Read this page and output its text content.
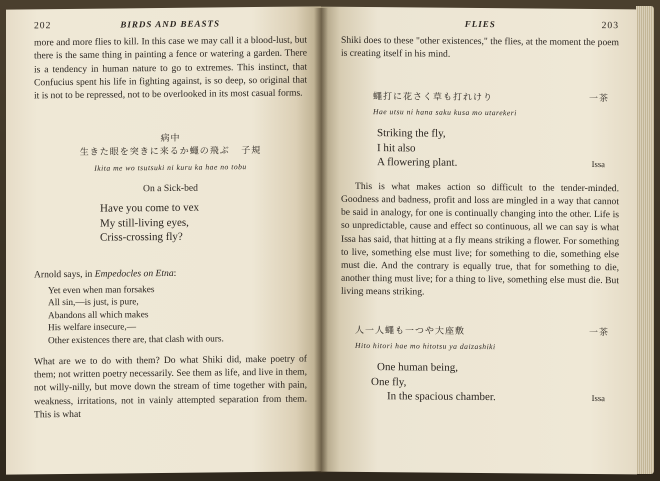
202	BIRDS AND BEASTS

more and more flies to kill. In this case we may call it a blood-lust, but there is the same thing in painting a fence or watering a garden. There is a tendency in human nature to go to extremes. This instinct, that Confucius spent his life in fighting against, is so deep, so original that it is not to be repressed, not to be overlooked in its most casual forms.

病中
生きた眼を突きに来るか蠅の飛ぶ 子規
Ikita me wo tsutsuki ni kuru ka hae no tobu
On a Sick-bed
Have you come to vex
My still-living eyes,
Criss-crossing fly?

Arnold says, in Empedocles on Etna:

Yet even when man forsakes
All sin,—is just, is pure,
Abandons all which makes
His welfare insecure,—
Other existences there are, that clash with ours.

What are we to do with them? Do what Shiki did, make poetry of them; not written poetry necessarily. See them as life, and live in them, not willy-nilly, but move down the stream of time together with pain, weakness, irritations, not in vainly attempted separation from them. This is what

FLIES	203

Shiki does to these "other existences," the flies, at the moment the poem is creating itself in his mind.

蠅打に花さく草も打れけり	一茶
Hae utsu ni hana saku kusa mo utarekeri
Striking the fly,
I hit also
A flowering plant.	Issa

This is what makes action so difficult to the tender-minded. Goodness and badness, profit and loss are mingled in a way that cannot be said in analogy, for one is continually changing into the other. Life is so unpredictable, cause and effect so continuous, all we can say is what Issa has said, that hitting at a fly means striking a flower. For something to live, something else must live; for something to die, something else must die. And the contrary is equally true, that for something to die, another thing must live; for a thing to live, something else must die. But living means striking.

人一人蠅も一つや大座敷	一茶
Hito hitori hae mo hitotsu ya daizashiki
One human being,
One fly,
In the spacious chamber.	Issa
